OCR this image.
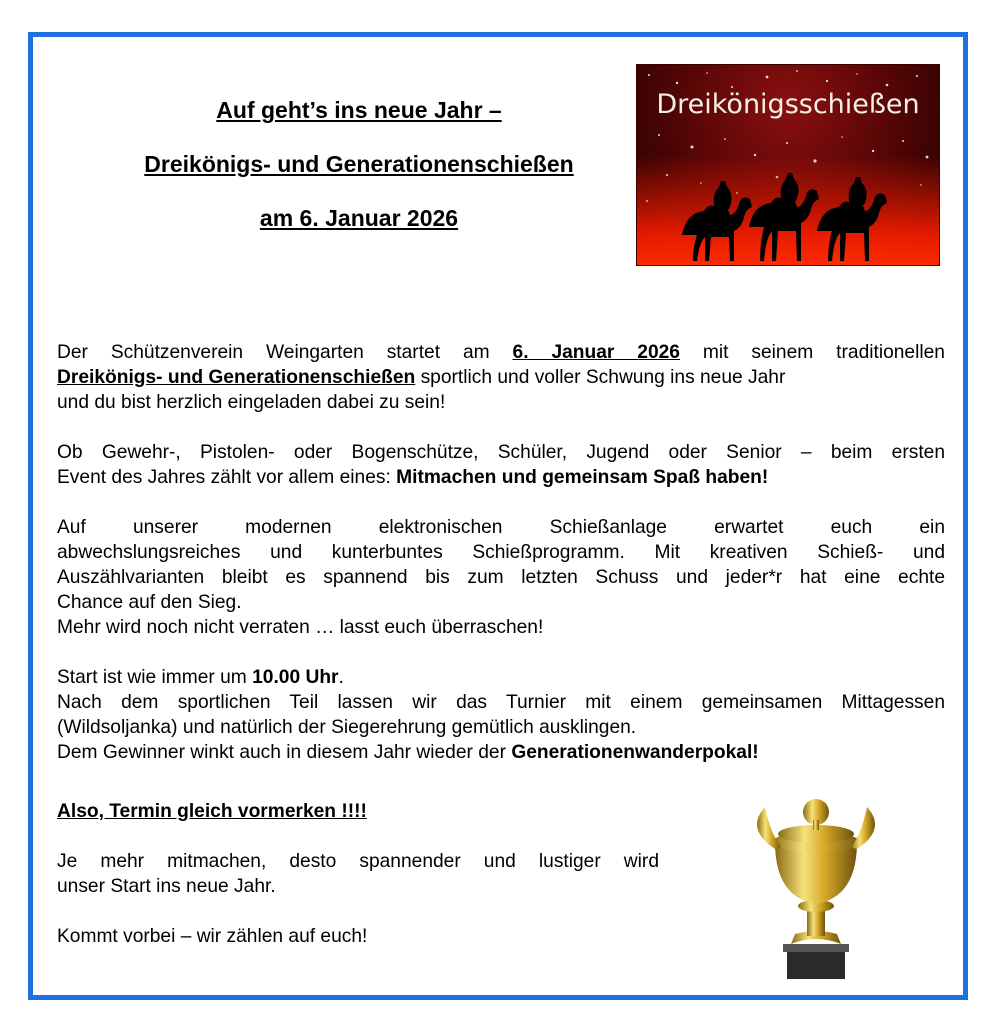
Auf geht’s ins neue Jahr –
Dreikönigs- und Generationenschießen
am 6. Januar 2026
Dreikönigsschießen

Der Schützenverein Weingarten startet am 6. Januar 2026 mit seinem traditionellen

Dreikönigs- und Generationenschießen sportlich und voller Schwung ins neue Jahr

und du bist herzlich eingeladen dabei zu sein!

Ob Gewehr-, Pistolen- oder Bogenschütze, Schüler, Jugend oder Senior – beim ersten

Event des Jahres zählt vor allem eines: Mitmachen und gemeinsam Spaß haben!

Auf unserer modernen elektronischen Schießanlage erwartet euch ein

abwechslungsreiches und kunterbuntes Schießprogramm. Mit kreativen Schieß- und

Auszählvarianten bleibt es spannend bis zum letzten Schuss und jeder*r hat eine echte

Chance auf den Sieg.

Mehr wird noch nicht verraten … lasst euch überraschen!

Start ist wie immer um 10.00 Uhr.

Nach dem sportlichen Teil lassen wir das Turnier mit einem gemeinsamen Mittagessen

(Wildsoljanka) und natürlich der Siegerehrung gemütlich ausklingen.

Dem Gewinner winkt auch in diesem Jahr wieder der Generationenwanderpokal!

Also, Termin gleich vormerken !!!!

Je mehr mitmachen, desto spannender und lustiger wird

unser Start ins neue Jahr.

Kommt vorbei – wir zählen auf euch!
